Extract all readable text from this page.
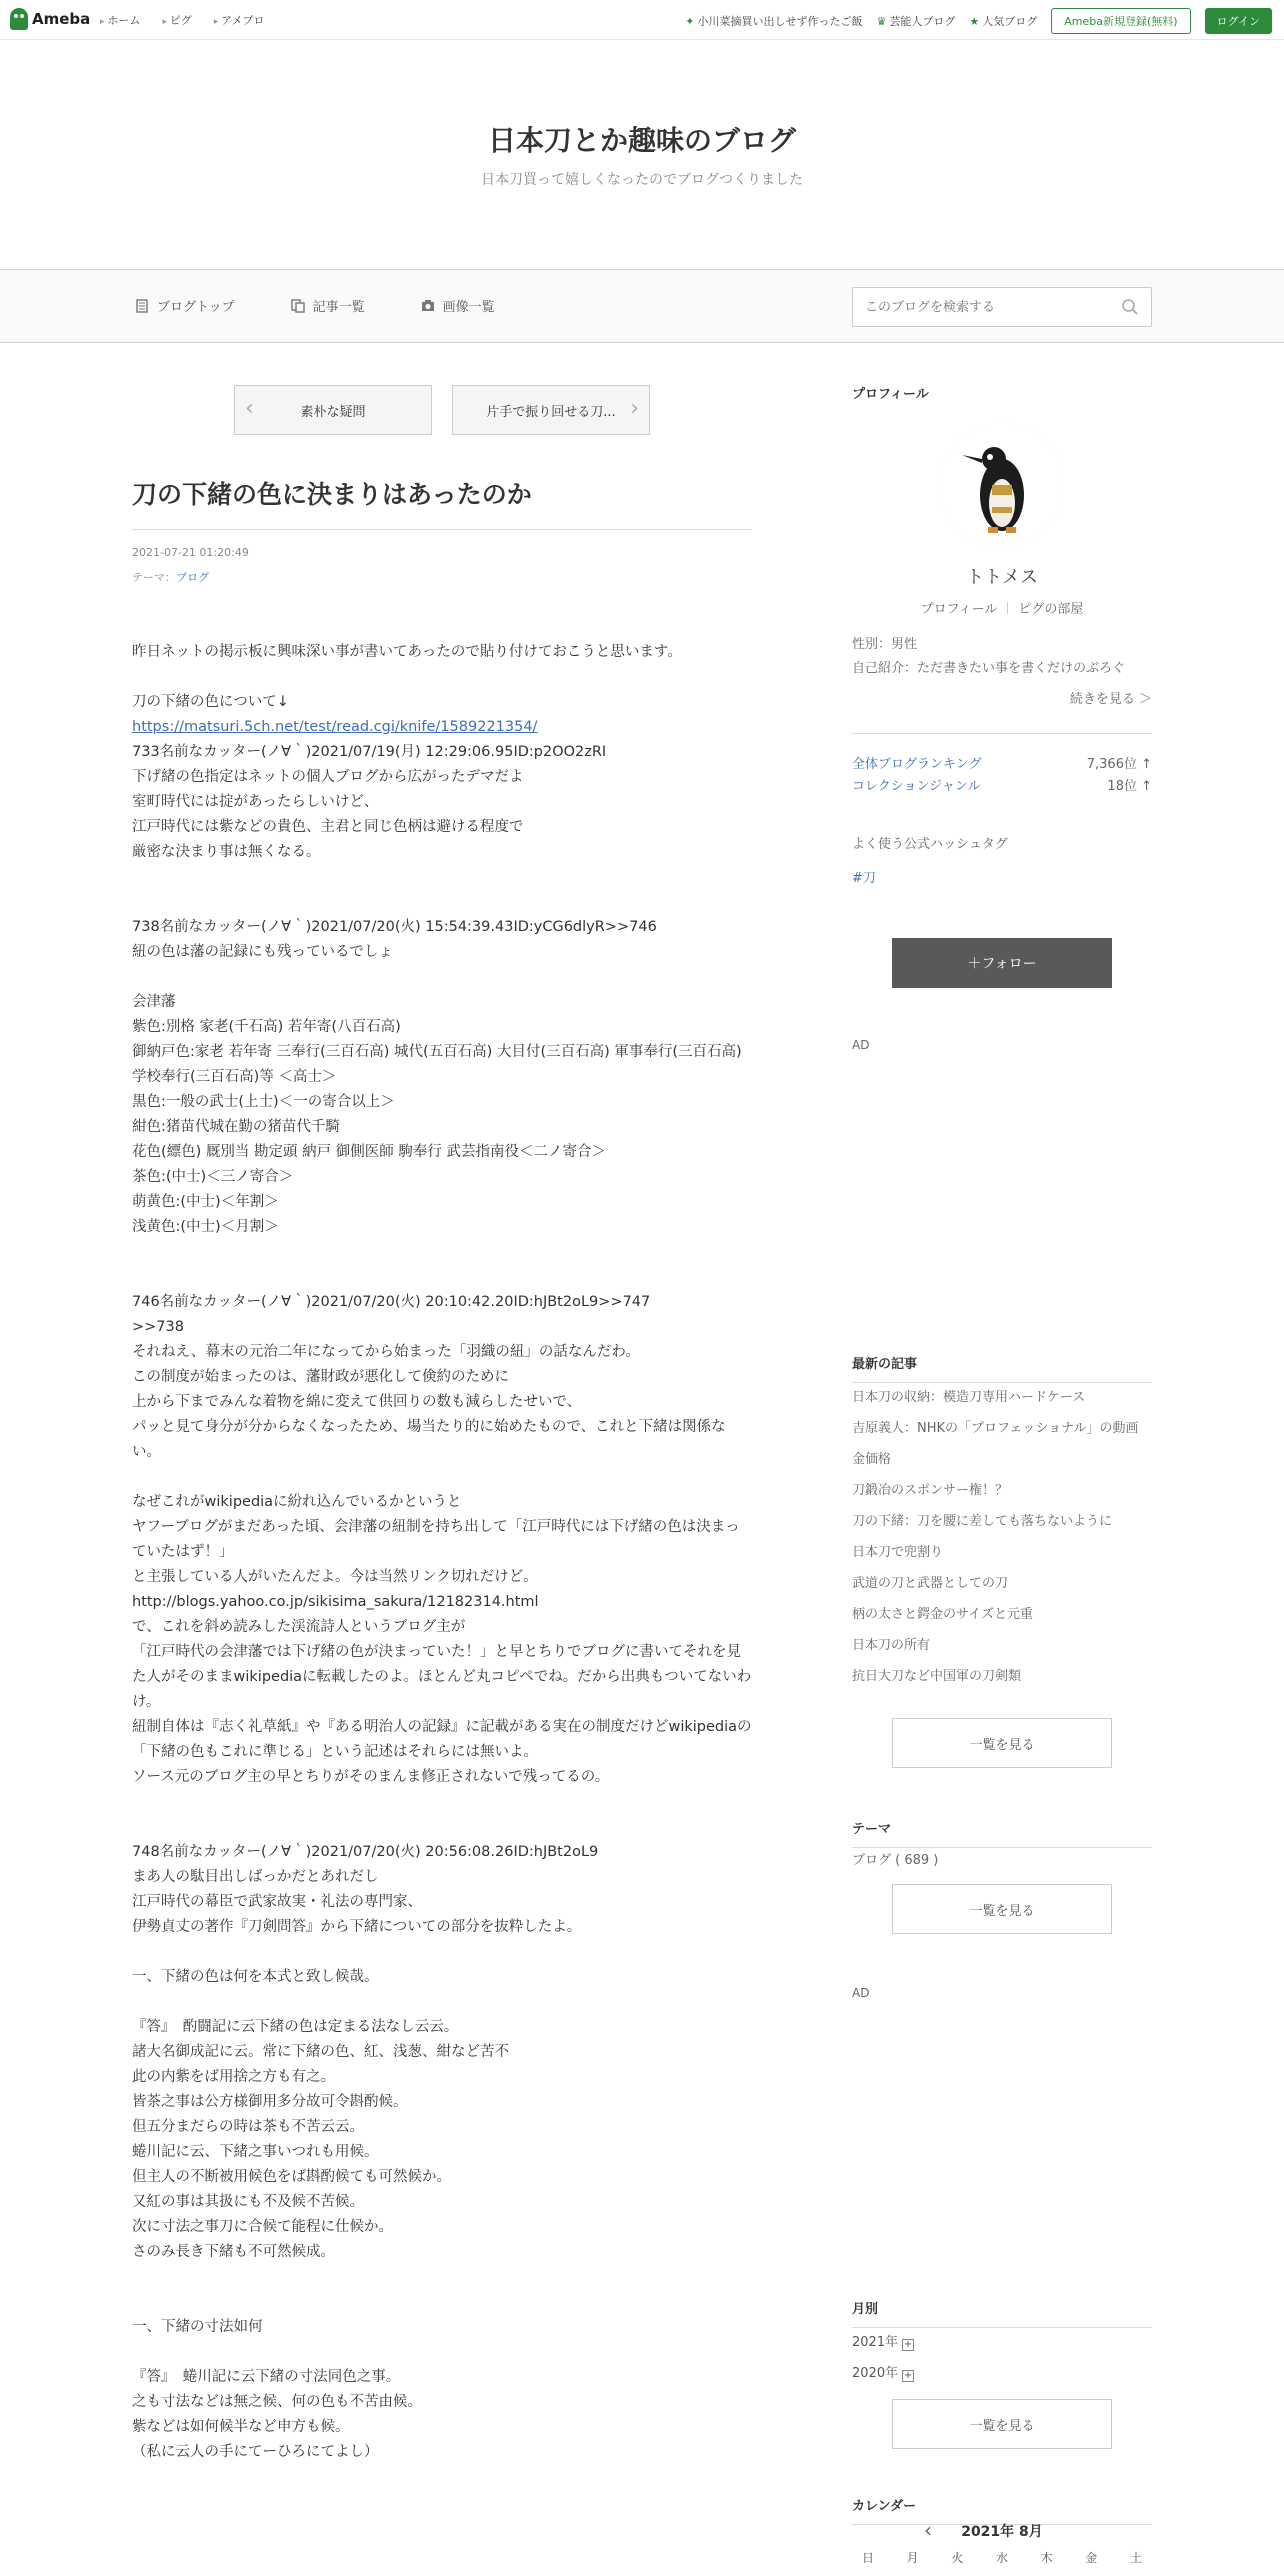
Ameba	▸ ホーム	▸ ピグ	▸ アメブロ	✦ 小川菜摘買い出しせず作ったご飯 ♛ 芸能人ブログ ★ 人気ブログ	Ameba新規登録(無料)	ログイン
日本刀とか趣味のブログ
日本刀買って嬉しくなったのでブログつくりました
ブログトップ	記事一覧	画像一覧
このブログを検索する
‹	素朴な疑問	片手で振り回せる刀... ›
刀の下緒の色に決まりはあったのか
2021-07-21 01:20:49
テーマ：ブログ
昨日ネットの掲示板に興味深い事が書いてあったので貼り付けておこうと思います。

刀の下緒の色について↓
https://matsuri.5ch.net/test/read.cgi/knife/1589221354/
733名前なカッター(ノ∀｀)2021/07/19(月) 12:29:06.95ID:p2OO2zRI
下げ緒の色指定はネットの個人ブログから広がったデマだよ
室町時代には掟があったらしいけど、
江戸時代には紫などの貴色、主君と同じ色柄は避ける程度で
厳密な決まり事は無くなる。

738名前なカッター(ノ∀｀)2021/07/20(火) 15:54:39.43ID:yCG6dlyR>>746
紐の色は藩の記録にも残っているでしょ

会津藩
紫色:別格 家老(千石高) 若年寄(八百石高)
御納戸色:家老 若年寄 三奉行(三百石高) 城代(五百石高) 大目付(三百石高) 軍事奉行(三百石高) 学校奉行(三百石高)等 ＜高士＞
黒色:一般の武士(上士)＜一の寄合以上＞
紺色:猪苗代城在勤の猪苗代千騎
花色(縹色) 厩別当 勘定頭 納戸 御側医師 駒奉行 武芸指南役＜二ノ寄合＞
茶色:(中士)＜三ノ寄合＞
萌黄色:(中士)＜年割＞
浅黄色:(中士)＜月割＞

746名前なカッター(ノ∀｀)2021/07/20(火) 20:10:42.20ID:hJBt2oL9>>747
>>738
それねえ、幕末の元治二年になってから始まった「羽織の紐」の話なんだわ。
この制度が始まったのは、藩財政が悪化して倹約のために
上から下までみんな着物を綿に変えて供回りの数も減らしたせいで、
パッと見て身分が分からなくなったため、場当たり的に始めたもので、これと下緒は関係ない。

なぜこれがwikipediaに紛れ込んでいるかというと
ヤフーブログがまだあった頃、会津藩の紐制を持ち出して「江戸時代には下げ緒の色は決まっていたはず！」
と主張している人がいたんだよ。今は当然リンク切れだけど。
http://blogs.yahoo.co.jp/sikisima_sakura/12182314.html
で、これを斜め読みした渓流詩人というブログ主が
「江戸時代の会津藩では下げ緒の色が決まっていた！」と早とちりでブログに書いてそれを見た人がそのままwikipediaに転載したのよ。ほとんど丸コピペでね。だから出典もついてないわけ。
紐制自体は『志く礼草紙』や『ある明治人の記録』に記載がある実在の制度だけどwikipediaの「下緒の色もこれに準じる」という記述はそれらには無いよ。
ソース元のブログ主の早とちりがそのまんま修正されないで残ってるの。

748名前なカッター(ノ∀｀)2021/07/20(火) 20:56:08.26ID:hJBt2oL9
まあ人の駄目出しばっかだとあれだし
江戸時代の幕臣で武家故実・礼法の専門家、
伊勢貞丈の著作『刀剣問答』から下緒についての部分を抜粋したよ。

一、下緒の色は何を本式と致し候哉。

『答』　酌闘記に云下緒の色は定まる法なし云云。
諸大名御成記に云。常に下緒の色、紅、浅葱、紺など苦不
此の内紫をば用捨之方も有之。
皆茶之事は公方様御用多分故可令斟酌候。
但五分まだらの時は茶も不苦云云。
蜷川記に云、下緒之事いつれも用候。
但主人の不断被用候色をば斟酌候ても可然候か。
又紅の事は其扱にも不及候不苦候。
次に寸法之事刀に合候て能程に仕候か。
さのみ長き下緒も不可然候成。

一、下緒の寸法如何

『答』　蜷川記に云下緒の寸法同色之事。
之も寸法などは無之候、何の色も不苦由候。
紫などは如何候半など申方も候。
（私に云人の手にてーひろにてよし）
プロフィール
トトメス
プロフィール ピグの部屋
性別：男性
自己紹介：ただ書きたい事を書くだけのぶろぐ
続きを見る ＞
全体ブログランキング	7,366位 ↑
コレクションジャンル	18位 ↑
よく使う公式ハッシュタグ
#刀
＋フォロー
AD
最新の記事
日本刀の収納：模造刀専用ハードケース
吉原義人：NHKの「プロフェッショナル」の動画
金価格
刀鍛冶のスポンサー権！？
刀の下緒：刀を腰に差しても落ちないように
日本刀で兜割り
武道の刀と武器としての刀
柄の太さと鍔金のサイズと元重
日本刀の所有
抗日大刀など中国軍の刀剣類
一覧を見る
テーマ
ブログ ( 689 )
一覧を見る
AD
月別
2021年 +
2020年 +
一覧を見る
カレンダー
‹	2021年 8月
日	月	火	水	木	金	土
